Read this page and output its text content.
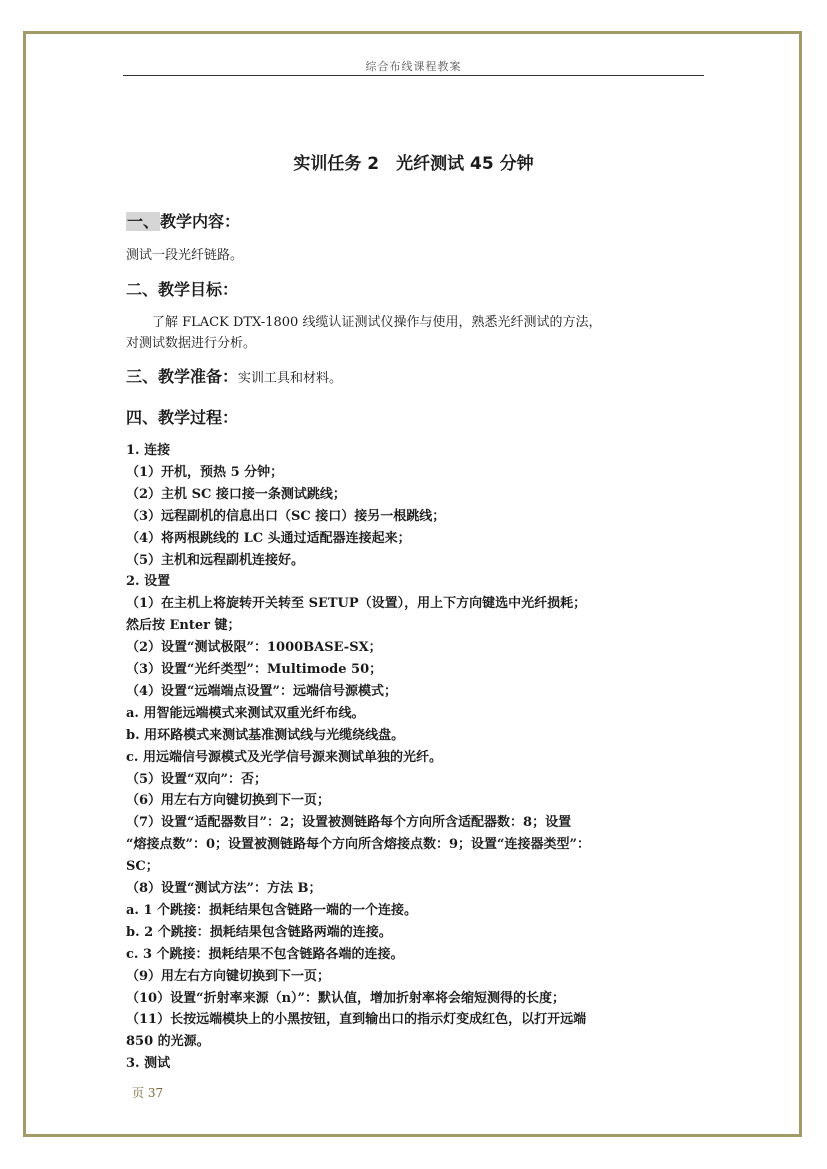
综合布线课程教案
实训任务 2　光纤测试 45 分钟
一、教学内容：
测试一段光纤链路。
二、教学目标：
　　了解 FLACK DTX-1800 线缆认证测试仪操作与使用，熟悉光纤测试的方法，
对测试数据进行分析。
三、教学准备：实训工具和材料。
四、教学过程：
1. 连接
（1）开机，预热 5 分钟；
（2）主机 SC 接口接一条测试跳线；
（3）远程副机的信息出口（SC 接口）接另一根跳线；
（4）将两根跳线的 LC 头通过适配器连接起来；
（5）主机和远程副机连接好。
2. 设置
（1）在主机上将旋转开关转至 SETUP（设置），用上下方向键选中光纤损耗；
然后按 Enter 键；
（2）设置“测试极限”：1000BASE-SX；
（3）设置“光纤类型”：Multimode 50；
（4）设置“远端端点设置”：远端信号源模式；
a. 用智能远端模式来测试双重光纤布线。
b. 用环路模式来测试基准测试线与光缆绕线盘。
c. 用远端信号源模式及光学信号源来测试单独的光纤。
（5）设置“双向”：否；
（6）用左右方向键切换到下一页；
（7）设置“适配器数目”：2；设置被测链路每个方向所含适配器数：8；设置
“熔接点数”：0；设置被测链路每个方向所含熔接点数：9；设置“连接器类型”：
SC；
（8）设置“测试方法”：方法 B；
a. 1 个跳接：损耗结果包含链路一端的一个连接。
b. 2 个跳接：损耗结果包含链路两端的连接。
c. 3 个跳接：损耗结果不包含链路各端的连接。
（9）用左右方向键切换到下一页；
（10）设置“折射率来源（n）”：默认值，增加折射率将会缩短测得的长度；
（11）长按远端模块上的小黑按钮，直到输出口的指示灯变成红色，以打开远端
850 的光源。
3. 测试
页 37
